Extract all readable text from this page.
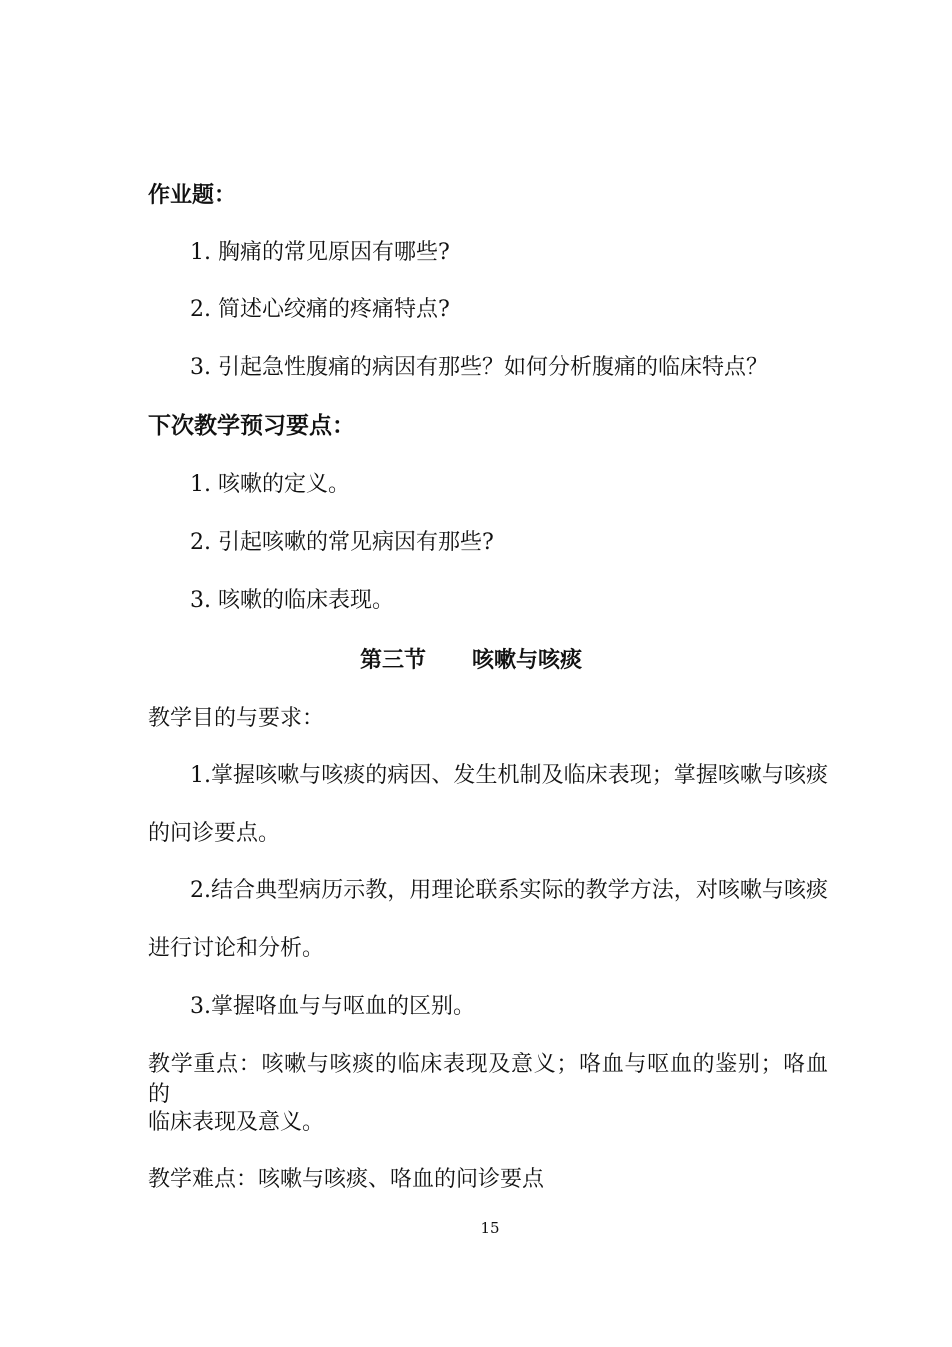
作业题：
1. 胸痛的常见原因有哪些?
2. 简述心绞痛的疼痛特点?
3. 引起急性腹痛的病因有那些？如何分析腹痛的临床特点？
下次教学预习要点：
1. 咳嗽的定义。
2. 引起咳嗽的常见病因有那些?
3. 咳嗽的临床表现。
第三节 咳嗽与咳痰
教学目的与要求：
1.掌握咳嗽与咳痰的病因、发生机制及临床表现；掌握咳嗽与咳痰
的问诊要点。
2.结合典型病历示教，用理论联系实际的教学方法，对咳嗽与咳痰
进行讨论和分析。
3.掌握咯血与与呕血的区别。
教学重点：咳嗽与咳痰的临床表现及意义；咯血与呕血的鉴别；咯血的
临床表现及意义。
教学难点：咳嗽与咳痰、咯血的问诊要点
15
